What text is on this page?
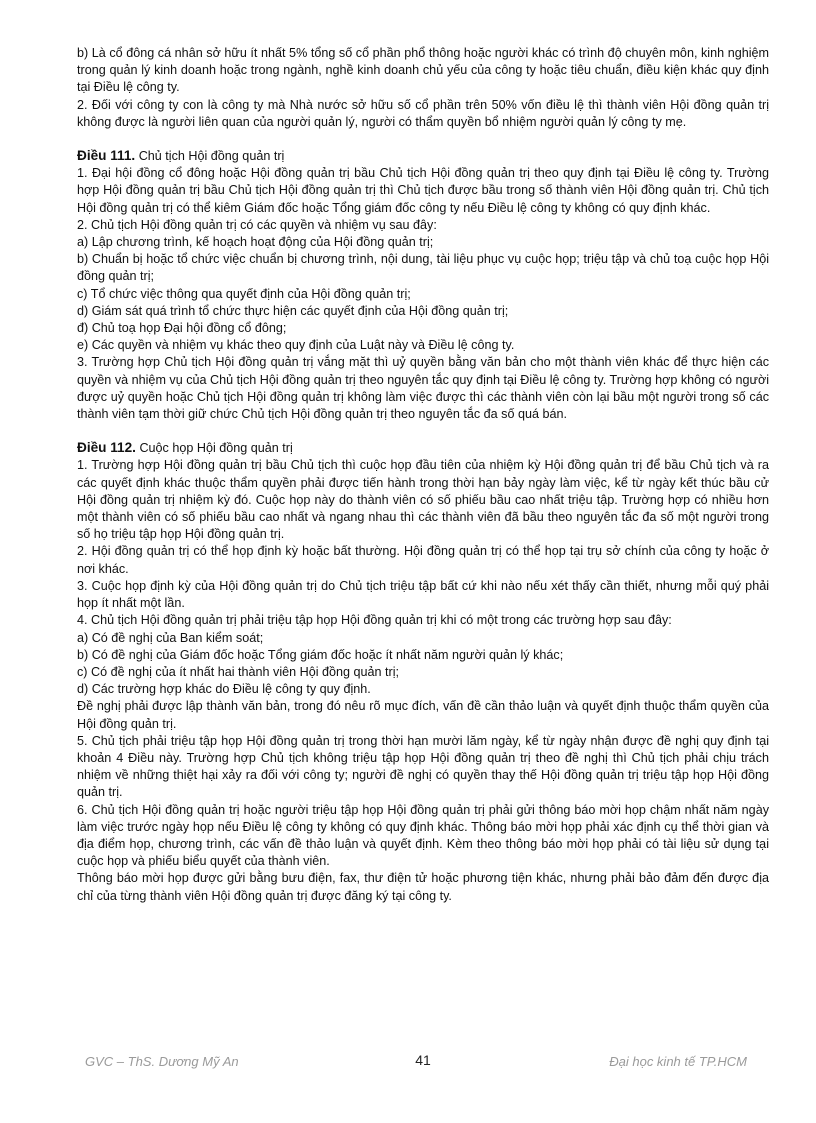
b) Là cổ đông cá nhân sở hữu ít nhất 5% tổng số cổ phần phổ thông hoặc người khác có trình độ chuyên môn, kinh nghiệm trong quản lý kinh doanh hoặc trong ngành, nghề kinh doanh chủ yếu của công ty hoặc tiêu chuẩn, điều kiện khác quy định tại Điều lệ công ty.

2. Đối với công ty con là công ty mà Nhà nước sở hữu số cổ phần trên 50% vốn điều lệ thì thành viên Hội đồng quản trị không được là người liên quan của người quản lý, người có thẩm quyền bổ nhiệm người quản lý công ty mẹ.

Điều 111. Chủ tịch Hội đồng quản trị

1. Đại hội đồng cổ đông hoặc Hội đồng quản trị bầu Chủ tịch Hội đồng quản trị theo quy định tại Điều lệ công ty. Trường hợp Hội đồng quản trị bầu Chủ tịch Hội đồng quản trị thì Chủ tịch được bầu trong số thành viên Hội đồng quản trị. Chủ tịch Hội đồng quản trị có thể kiêm Giám đốc hoặc Tổng giám đốc công ty nếu Điều lệ công ty không có quy định khác.

2. Chủ tịch Hội đồng quản trị có các quyền và nhiệm vụ sau đây:

a) Lập chương trình, kế hoạch hoạt động của Hội đồng quản trị;

b) Chuẩn bị hoặc tổ chức việc chuẩn bị chương trình, nội dung, tài liệu phục vụ cuộc họp; triệu tập và chủ toạ cuộc họp Hội đồng quản trị;

c) Tổ chức việc thông qua quyết định của Hội đồng quản trị;

d) Giám sát quá trình tổ chức thực hiện các quyết định của Hội đồng quản trị;

đ) Chủ toạ họp Đại hội đồng cổ đông;

e) Các quyền và nhiệm vụ khác theo quy định của Luật này và Điều lệ công ty.

3. Trường hợp Chủ tịch Hội đồng quản trị vắng mặt thì uỷ quyền bằng văn bản cho một thành viên khác để thực hiện các quyền và nhiệm vụ của Chủ tịch Hội đồng quản trị theo nguyên tắc quy định tại Điều lệ công ty. Trường hợp không có người được uỷ quyền hoặc Chủ tịch Hội đồng quản trị không làm việc được thì các thành viên còn lại bầu một người trong số các thành viên tạm thời giữ chức Chủ tịch Hội đồng quản trị theo nguyên tắc đa số quá bán.

Điều 112. Cuộc họp Hội đồng quản trị

1. Trường hợp Hội đồng quản trị bầu Chủ tịch thì cuộc họp đầu tiên của nhiệm kỳ Hội đồng quản trị để bầu Chủ tịch và ra các quyết định khác thuộc thẩm quyền phải được tiến hành trong thời hạn bảy ngày làm việc, kể từ ngày kết thúc bầu cử Hội đồng quản trị nhiệm kỳ đó. Cuộc họp này do thành viên có số phiếu bầu cao nhất triệu tập. Trường hợp có nhiều hơn một thành viên có số phiếu bầu cao nhất và ngang nhau thì các thành viên đã bầu theo nguyên tắc đa số một người trong số họ triệu tập họp Hội đồng quản trị.

2. Hội đồng quản trị có thể họp định kỳ hoặc bất thường. Hội đồng quản trị có thể họp tại trụ sở chính của công ty hoặc ở nơi khác.

3. Cuộc họp định kỳ của Hội đồng quản trị do Chủ tịch triệu tập bất cứ khi nào nếu xét thấy cần thiết, nhưng mỗi quý phải họp ít nhất một lần.

4. Chủ tịch Hội đồng quản trị phải triệu tập họp Hội đồng quản trị khi có một trong các trường hợp sau đây:

a) Có đề nghị của Ban kiểm soát;

b) Có đề nghị của Giám đốc hoặc Tổng giám đốc hoặc ít nhất năm người quản lý khác;

c) Có đề nghị của ít nhất hai thành viên Hội đồng quản trị;

d) Các trường hợp khác do Điều lệ công ty quy định.

Đề nghị phải được lập thành văn bản, trong đó nêu rõ mục đích, vấn đề cần thảo luận và quyết định thuộc thẩm quyền của Hội đồng quản trị.

5. Chủ tịch phải triệu tập họp Hội đồng quản trị trong thời hạn mười lăm ngày, kể từ ngày nhận được đề nghị quy định tại khoản 4 Điều này. Trường hợp Chủ tịch không triệu tập họp Hội đồng quản trị theo đề nghị thì Chủ tịch phải chịu trách nhiệm về những thiệt hại xảy ra đối với công ty; người đề nghị có quyền thay thế Hội đồng quản trị triệu tập họp Hội đồng quản trị.

6. Chủ tịch Hội đồng quản trị hoặc người triệu tập họp Hội đồng quản trị phải gửi thông báo mời họp chậm nhất năm ngày làm việc trước ngày họp nếu Điều lệ công ty không có quy định khác. Thông báo mời họp phải xác định cụ thể thời gian và địa điểm họp, chương trình, các vấn đề thảo luận và quyết định. Kèm theo thông báo mời họp phải có tài liệu sử dụng tại cuộc họp và phiếu biểu quyết của thành viên.

Thông báo mời họp được gửi bằng bưu điện, fax, thư điện tử hoặc phương tiện khác, nhưng phải bảo đảm đến được địa chỉ của từng thành viên Hội đồng quản trị được đăng ký tại công ty.

GVC – ThS. Dương Mỹ An	41	Đại học kinh tế TP.HCM
